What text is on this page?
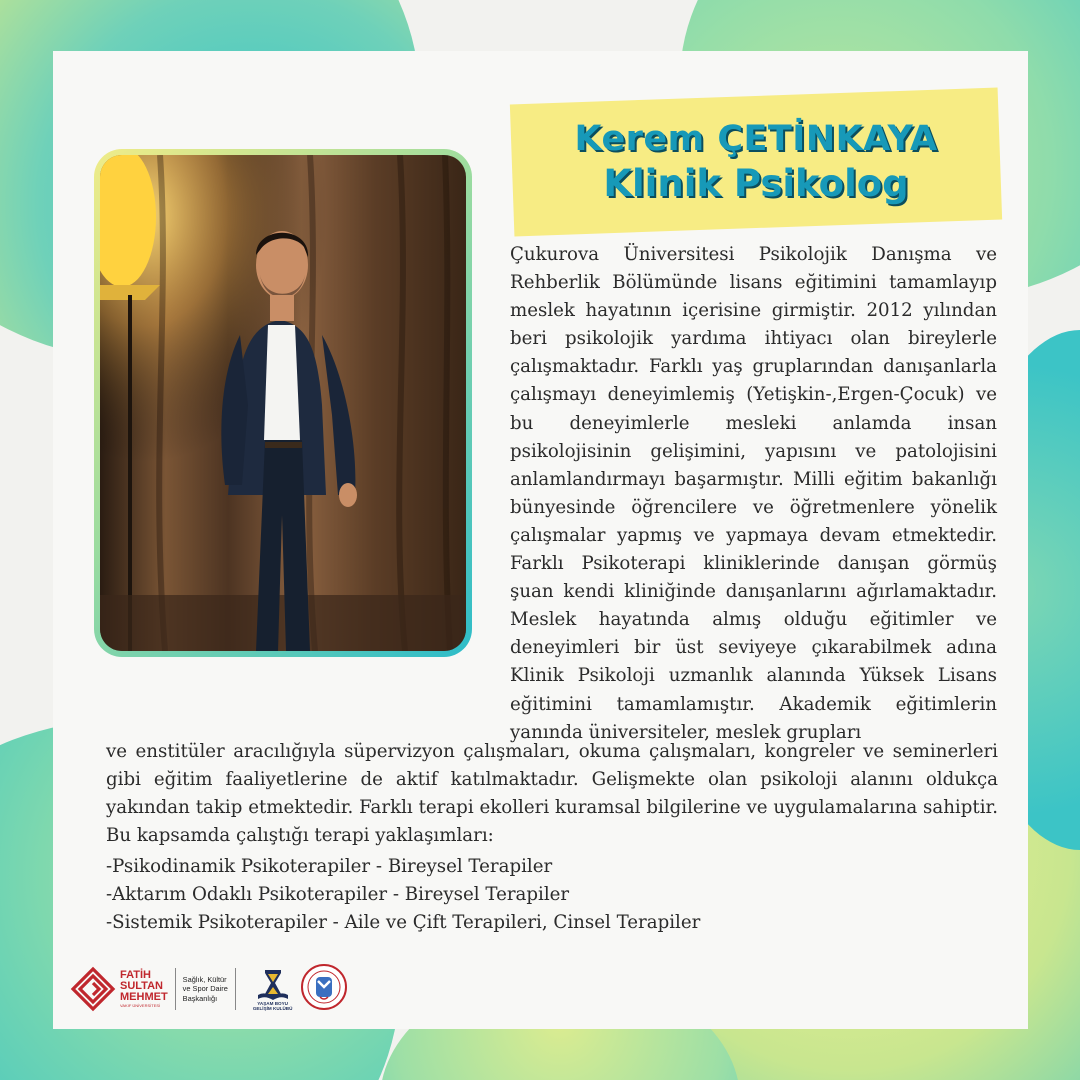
Kerem ÇETİNKAYA
Klinik Psikolog
Çukurova Üniversitesi Psikolojik Danışma ve Rehberlik Bölümünde lisans eğitimini tamamlayıp meslek hayatının içerisine girmiştir. 2012 yılından beri psikolojik yardıma ihtiyacı olan bireylerle çalışmaktadır. Farklı yaş gruplarından danışanlarla çalışmayı deneyimlemiş (Yetişkin-,Ergen-Çocuk) ve bu deneyimlerle mesleki anlamda insan psikolojisinin gelişimini, yapısını ve patolojisini anlamlandırmayı başarmıştır. Milli eğitim bakanlığı bünyesinde öğrencilere ve öğretmenlere yönelik çalışmalar yapmış ve yapmaya devam etmektedir. Farklı Psikoterapi kliniklerinde danışan görmüş şuan kendi kliniğinde danışanlarını ağırlamaktadır. Meslek hayatında almış olduğu eğitimler ve deneyimleri bir üst seviyeye çıkarabilmek adına Klinik Psikoloji uzmanlık alanında Yüksek Lisans eğitimini tamamlamıştır. Akademik eğitimlerin yanında üniversiteler, meslek grupları
ve enstitüler aracılığıyla süpervizyon çalışmaları, okuma çalışmaları, kongreler ve seminerleri gibi eğitim faaliyetlerine de aktif katılmaktadır. Gelişmekte olan psikoloji alanını oldukça yakından takip etmektedir. Farklı terapi ekolleri kuramsal bilgilerine ve uygulamalarına sahiptir. Bu kapsamda çalıştığı terapi yaklaşımları:
-Psikodinamik Psikoterapiler - Bireysel Terapiler
-Aktarım Odaklı Psikoterapiler - Bireysel Terapiler
-Sistemik Psikoterapiler - Aile ve Çift Terapileri, Cinsel Terapiler
FATİH
SULTAN
MEHMET
VAKIF ÜNİVERSİTESİ
Sağlık, Kültür
ve Spor Daire
Başkanlığı
YAŞAM BOYU
GELİŞİM KULÜBÜ
